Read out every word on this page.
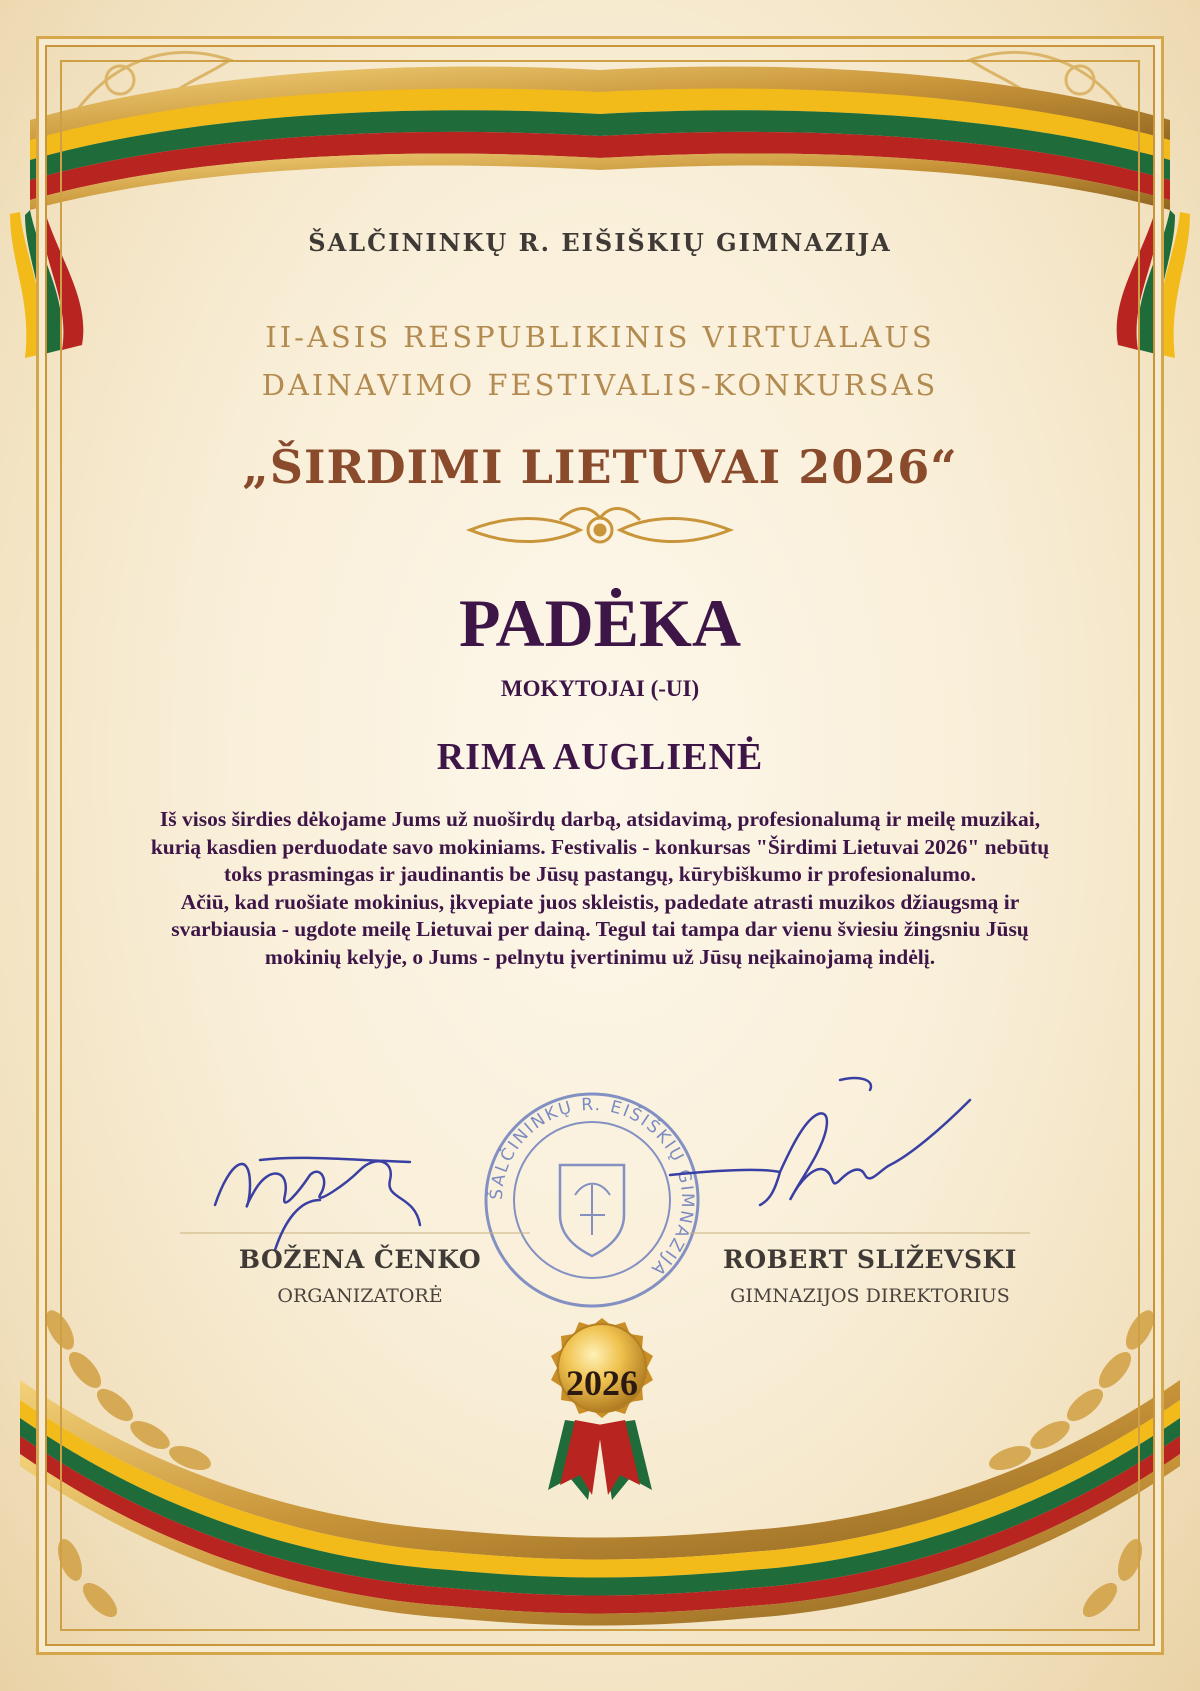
ŠALČININKŲ R. EIŠIŠKIŲ GIMNAZIJA

ŠALČININKŲ R. EIŠIŠKIŲ GIMNAZIJA

II-ASIS RESPUBLIKINIS VIRTUALAUS

DAINAVIMO FESTIVALIS-KONKURSAS

„ŠIRDIMI LIETUVAI 2026“

PADĖKA

MOKYTOJAI (-UI)

RIMA AUGLIENĖ

Iš visos širdies dėkojame Jums už nuoširdų darbą, atsidavimą, profesionalumą ir meilę muzikai, kurią kasdien perduodate savo mokiniams. Festivalis - konkursas "Širdimi Lietuvai 2026" nebūtų toks prasmingas ir jaudinantis be Jūsų pastangų, kūrybiškumo ir profesionalumo.

Ačiū, kad ruošiate mokinius, įkvepiate juos skleistis, padedate atrasti muzikos džiaugsmą ir svarbiausia - ugdote meilę Lietuvai per dainą. Tegul tai tampa dar vienu šviesiu žingsniu Jūsų mokinių kelyje, o Jums - pelnytu įvertinimu už Jūsų neįkainojamą indėlį.

BOŽENA ČENKO
ORGANIZATORĖ
ROBERT SLIŽEVSKI
GIMNAZIJOS DIREKTORIUS
2026
